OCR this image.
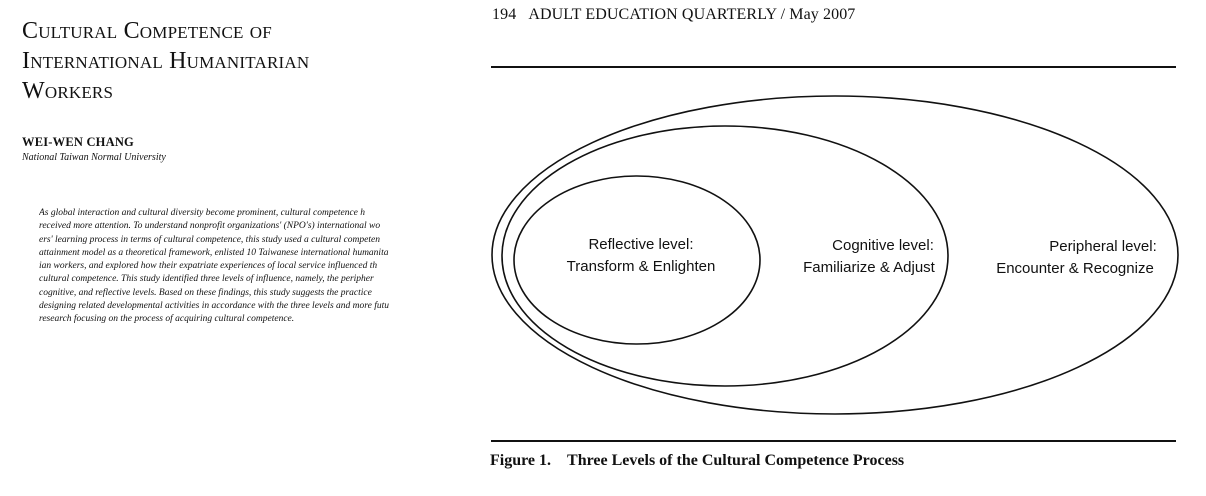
Cultural Competence of
International Humanitarian
Workers
WEI-WEN CHANG
National Taiwan Normal University
As global interaction and cultural diversity become prominent, cultural competence h
received more attention. To understand nonprofit organizations' (NPO's) international wo
ers' learning process in terms of cultural competence, this study used a cultural competen
attainment model as a theoretical framework, enlisted 10 Taiwanese international humanita
ian workers, and explored how their expatriate experiences of local service influenced th
cultural competence. This study identified three levels of influence, namely, the peripher
cognitive, and reflective levels. Based on these findings, this study suggests the practice
designing related developmental activities in accordance with the three levels and more futu
research focusing on the process of acquiring cultural competence.
194 ADULT EDUCATION QUARTERLY / May 2007
Reflective level:
Transform & Enlighten
Cognitive level:
Familiarize & Adjust
Peripheral level:
Encounter & Recognize
Figure 1. Three Levels of the Cultural Competence Process
